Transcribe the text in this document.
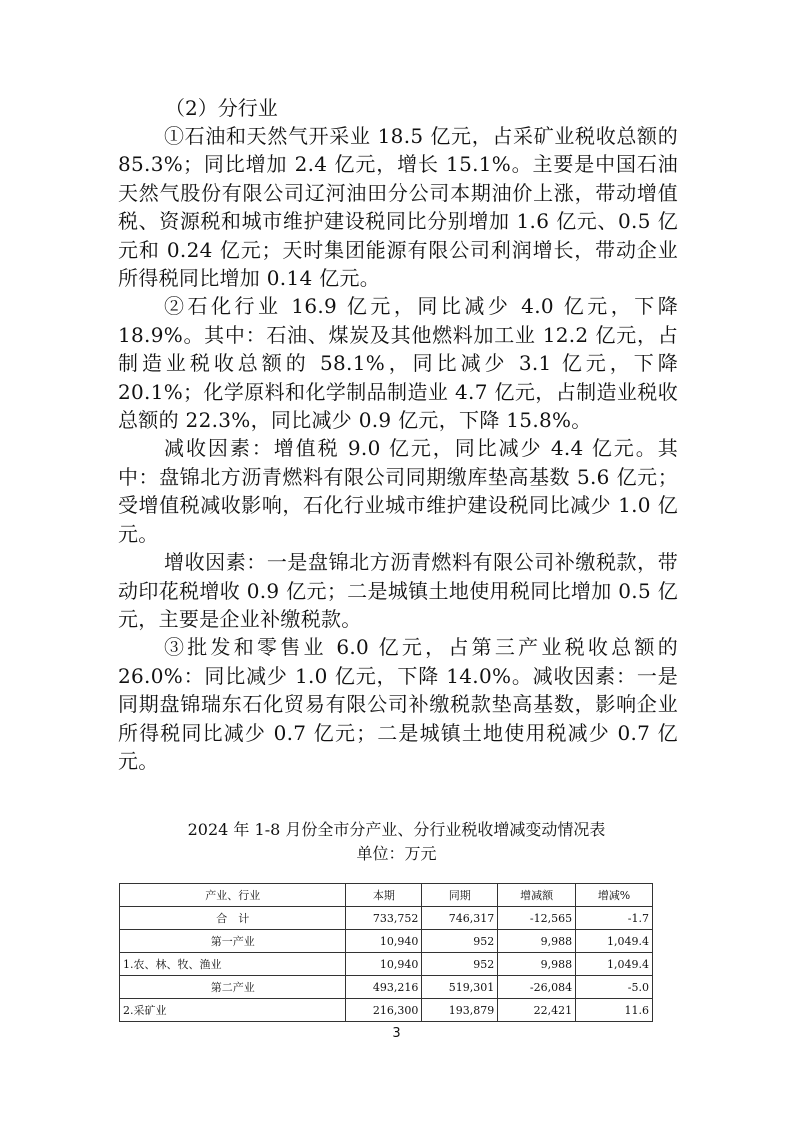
（2）分行业

①石油和天然气开采业 18.5 亿元，占采矿业税收总额的 85.3%；同比增加 2.4 亿元，增长 15.1%。主要是中国石油天然气股份有限公司辽河油田分公司本期油价上涨，带动增值税、资源税和城市维护建设税同比分别增加 1.6 亿元、0.5 亿元和 0.24 亿元；天时集团能源有限公司利润增长，带动企业所得税同比增加 0.14 亿元。

②石化行业 16.9 亿元，同比减少 4.0 亿元，下降 18.9%。其中：石油、煤炭及其他燃料加工业 12.2 亿元，占制造业税收总额的 58.1%，同比减少 3.1 亿元，下降 20.1%；化学原料和化学制品制造业 4.7 亿元，占制造业税收总额的 22.3%，同比减少 0.9 亿元，下降 15.8%。

减收因素：增值税 9.0 亿元，同比减少 4.4 亿元。其中：盘锦北方沥青燃料有限公司同期缴库垫高基数 5.6 亿元；受增值税减收影响，石化行业城市维护建设税同比减少 1.0 亿元。

增收因素：一是盘锦北方沥青燃料有限公司补缴税款，带动印花税增收 0.9 亿元；二是城镇土地使用税同比增加 0.5 亿元，主要是企业补缴税款。

③批发和零售业 6.0 亿元，占第三产业税收总额的 26.0%：同比减少 1.0 亿元，下降 14.0%。减收因素：一是同期盘锦瑞东石化贸易有限公司补缴税款垫高基数，影响企业所得税同比减少 0.7 亿元；二是城镇土地使用税减少 0.7 亿元。

2024 年 1-8 月份全市分产业、分行业税收增减变动情况表
单位：万元
产业、行业	本期	同期	增减额	增减%
合　计	733,752	746,317	-12,565	-1.7
第一产业	10,940	952	9,988	1,049.4
1.农、林、牧、渔业	10,940	952	9,988	1,049.4
第二产业	493,216	519,301	-26,084	-5.0
2.采矿业	216,300	193,879	22,421	11.6
3
